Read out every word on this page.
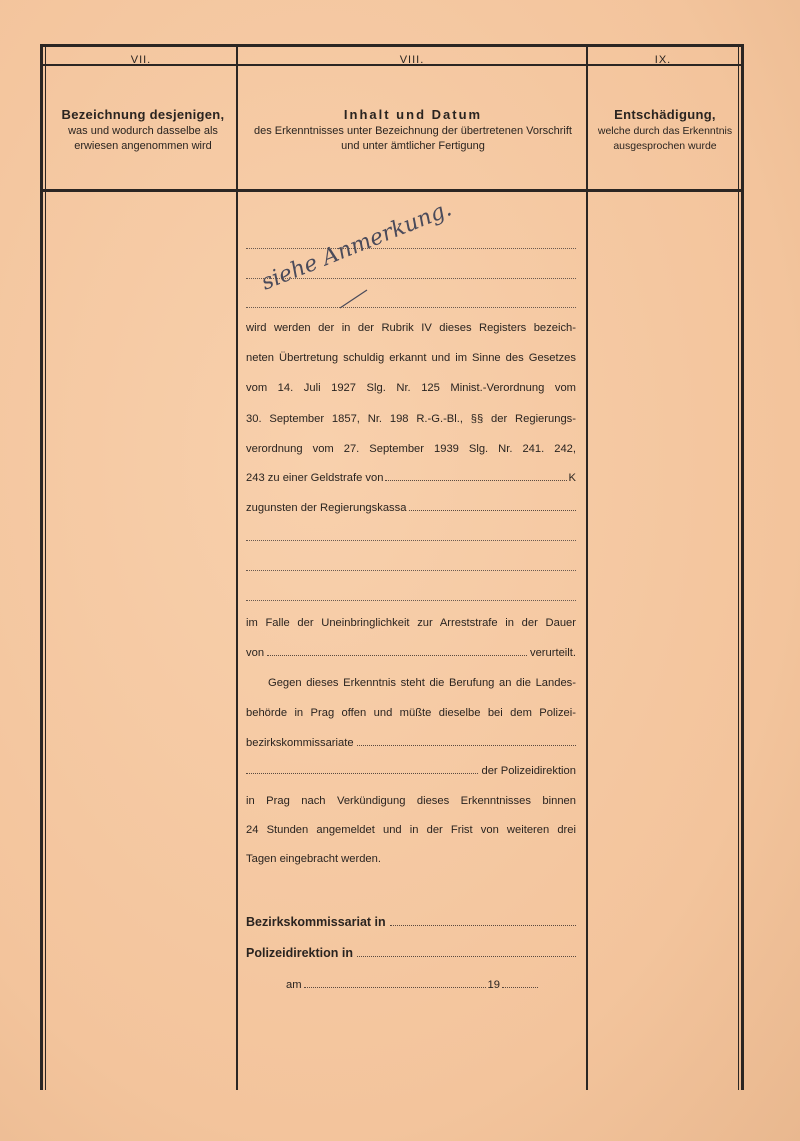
VII.	VIII.	IX.
Bezeichnung desjenigen,
was und wodurch dasselbe als erwiesen angenommen wird
Inhalt und Datum
des Erkenntnisses unter Bezeichnung der übertretenen Vorschrift und unter ämtlicher Fertigung
Entschädigung,
welche durch das Erkenntnis ausgesprochen wurde
siehe Anmerkung.
wird werden der in der Rubrik IV dieses Registers bezeich-
neten Übertretung schuldig erkannt und im Sinne des Gesetzes
vom 14. Juli 1927 Slg. Nr. 125 Minist.-Verordnung vom
30. September 1857, Nr. 198 R.-G.-Bl., §§ der Regierungs-
verordnung vom 27. September 1939 Slg. Nr. 241. 242,
243 zu einer Geldstrafe von	K
zugunsten der Regierungskassa
im Falle der Uneinbringlichkeit zur Arreststrafe in der Dauer
von	verurteilt.
Gegen dieses Erkenntnis steht die Berufung an die Landes-
behörde in Prag offen und müßte dieselbe bei dem Polizei-
bezirkskommissariate
der Polizeidirektion
in Prag nach Verkündigung dieses Erkenntnisses binnen
24 Stunden angemeldet und in der Frist von weiteren drei
Tagen eingebracht werden.
Bezirkskommissariat in
Polizeidirektion in
am	19
